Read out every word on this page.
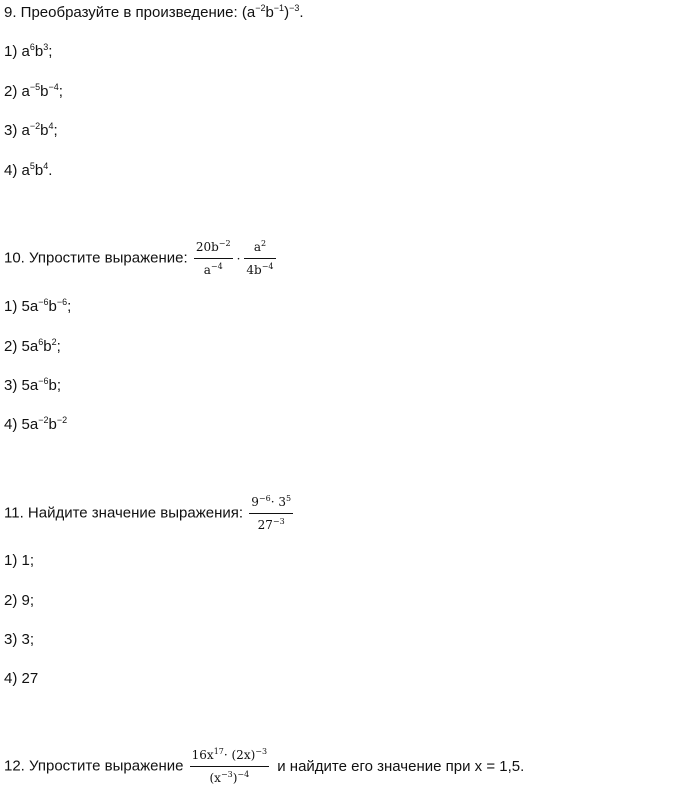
9. Преобразуйте в произведение: $(a^{-2}b^{-1})^{-3}$.
1) $a^6b^3$;
2) $a^{-5}b^{-4}$;
3) $a^{-2}b^4$;
4) $a^5b^4$.
10. Упростите выражение: $\frac{20b^{-2}}{a^{-4}} \cdot \frac{a^2}{4b^{-4}}$
1) $5a^{-6}b^{-6}$;
2) $5a^6b^2$;
3) $5a^{-6}b$;
4) $5a^{-2}b^{-2}$
11. Найдите значение выражения: $\frac{9^{-6}\cdot 3^5}{27^{-3}}$
1) 1;
2) 9;
3) 3;
4) 27
12. Упростите выражение $\frac{16x^{17}\cdot (2x)^{-3}}{(x^{-3})^{-4}}$ и найдите его значение при x = 1,5.
